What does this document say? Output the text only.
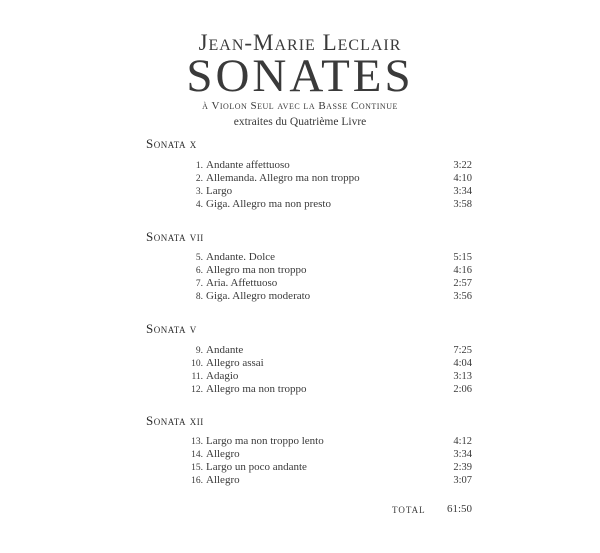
Jean-Marie Leclair
SONATES
à Violon Seul avec la Basse Continue
extraites du Quatrième Livre
Sonata x
1. Andante affettuoso	3:22
2. Allemanda. Allegro ma non troppo	4:10
3. Largo	3:34
4. Giga. Allegro ma non presto	3:58
Sonata vii
5. Andante. Dolce	5:15
6. Allegro ma non troppo	4:16
7. Aria. Affettuoso	2:57
8. Giga. Allegro moderato	3:56
Sonata v
9. Andante	7:25
10. Allegro assai	4:04
11. Adagio	3:13
12. Allegro ma non troppo	2:06
Sonata xii
13. Largo ma non troppo lento	4:12
14. Allegro	3:34
15. Largo un poco andante	2:39
16. Allegro	3:07
TOTAL 61:50
